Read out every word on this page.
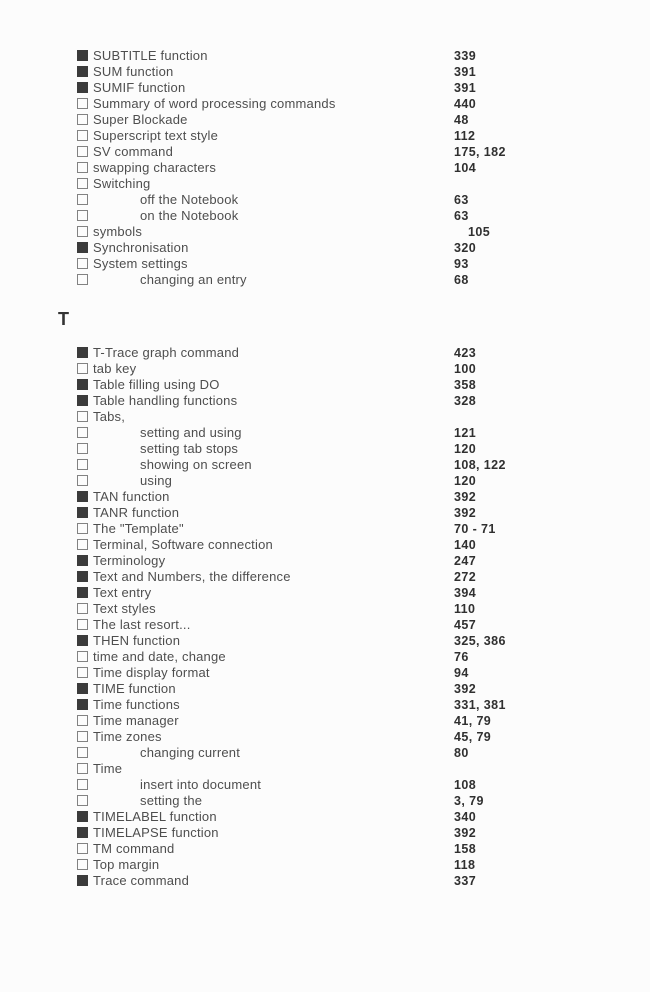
SUBTITLE function	339
SUM function	391
SUMIF function	391
Summary of word processing commands	440
Super Blockade	48
Superscript text style	112
SV command	175, 182
swapping characters	104
Switching
off the Notebook	63
on the Notebook	63
symbols	105
Synchronisation	320
System settings	93
changing an entry	68
T
T-Trace graph command	423
tab key	100
Table filling using DO	358
Table handling functions	328
Tabs,
setting and using	121
setting tab stops	120
showing on screen	108, 122
using	120
TAN function	392
TANR function	392
The "Template"	70 - 71
Terminal, Software connection	140
Terminology	247
Text and Numbers, the difference	272
Text entry	394
Text styles	110
The last resort...	457
THEN function	325, 386
time and date, change	76
Time display format	94
TIME function	392
Time functions	331, 381
Time manager	41, 79
Time zones	45, 79
changing current	80
Time
insert into document	108
setting the	3, 79
TIMELABEL function	340
TIMELAPSE function	392
TM command	158
Top margin	118
Trace command	337
